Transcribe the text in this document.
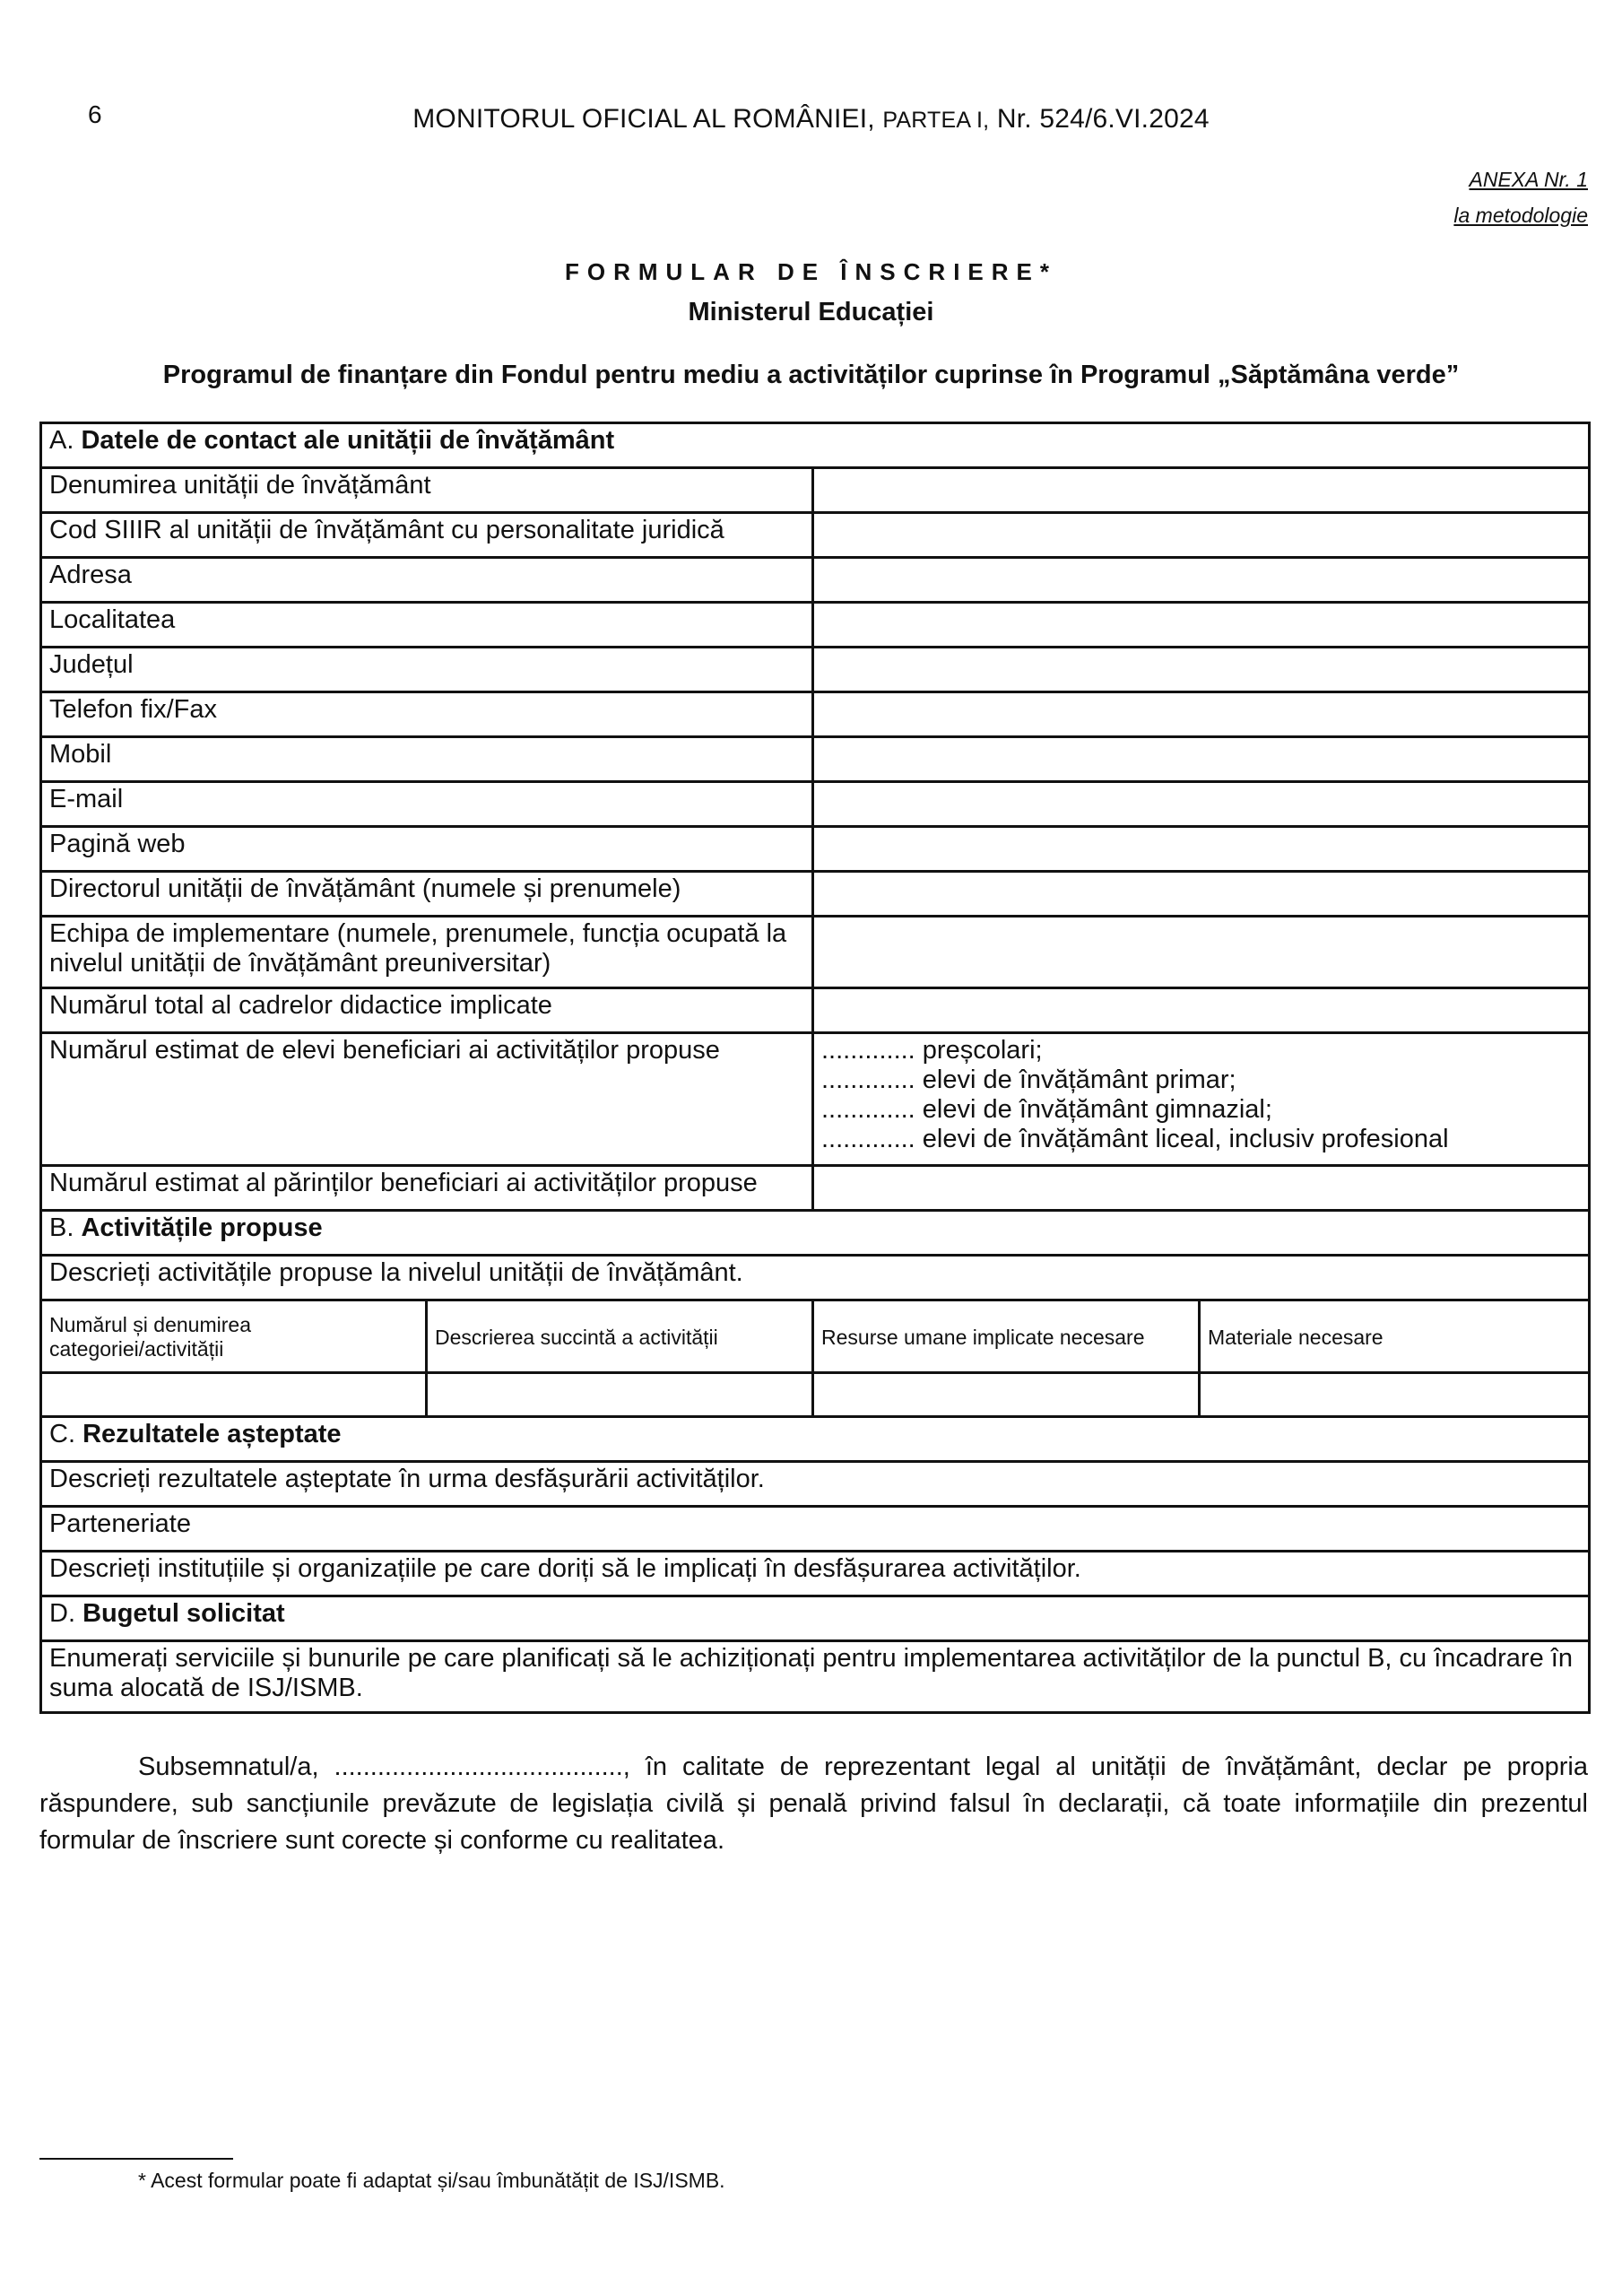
6	MONITORUL OFICIAL AL ROMÂNIEI, PARTEA I, Nr. 524/6.VI.2024
ANEXA Nr. 1
la metodologie
FORMULAR DE ÎNSCRIERE*
Ministerul Educației
Programul de finanțare din Fondul pentru mediu a activităților cuprinse în Programul „Săptămâna verde”
A. Datele de contact ale unității de învățământ			
Denumirea unității de învățământ			
Cod SIIIR al unității de învățământ cu personalitate juridică			
Adresa			
Localitatea			
Județul			
Telefon fix/Fax			
Mobil			
E-mail			
Pagină web			
Directorul unității de învățământ (numele și prenumele)			
Echipa de implementare (numele, prenumele, funcția ocupată la nivelul unității de învățământ preuniversitar)			
Numărul total al cadrelor didactice implicate			
Numărul estimat de elevi beneficiari ai activităților propuse		............. preșcolari;
............. elevi de învățământ primar;
............. elevi de învățământ gimnazial;
............. elevi de învățământ liceal, inclusiv profesional	

Numărul estimat al părinților beneficiari ai activităților propuse			
B. Activitățile propuse			
Descrieți activitățile propuse la nivelul unității de învățământ.			
Numărul și denumirea categoriei/activității	Descrierea succintă a activității	Resurse umane implicate necesare	Materiale necesare

C. Rezultatele așteptate			
Descrieți rezultatele așteptate în urma desfășurării activităților.			
Parteneriate			
Descrieți instituțiile și organizațiile pe care doriți să le implicați în desfășurarea activităților.			
D. Bugetul solicitat			
Enumerați serviciile și bunurile pe care planificați să le achiziționați pentru implementarea activităților de la punctul B, cu încadrare în suma alocată de ISJ/ISMB.			
Subsemnatul/a, ........................................, în calitate de reprezentant legal al unității de învățământ, declar pe propria răspundere, sub sancțiunile prevăzute de legislația civilă și penală privind falsul în declarații, că toate informațiile din prezentul formular de înscriere sunt corecte și conforme cu realitatea.
* Acest formular poate fi adaptat și/sau îmbunătățit de ISJ/ISMB.
